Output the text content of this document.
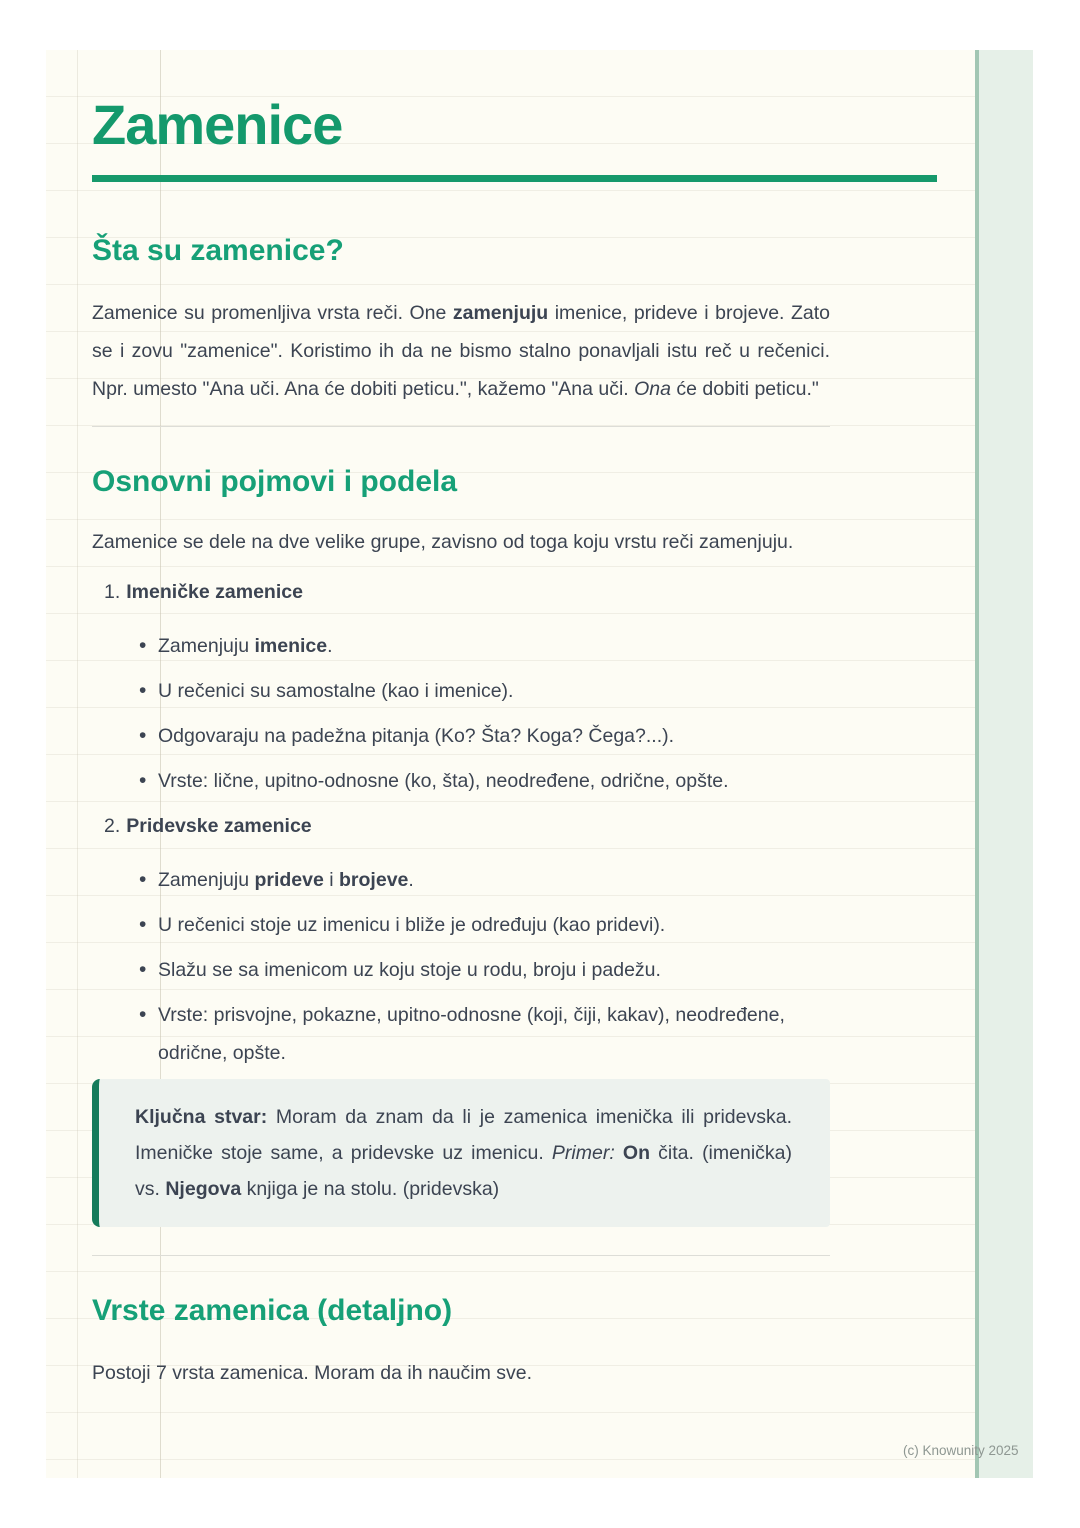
Zamenice
Šta su zamenice?

Zamenice su promenljiva vrsta reči. One zamenjuju imenice, prideve i brojeve. Zato se i zovu "zamenice". Koristimo ih da ne bismo stalno ponavljali istu reč u rečenici. Npr. umesto "Ana uči. Ana će dobiti peticu.", kažemo "Ana uči. Ona će dobiti peticu."

Osnovni pojmovi i podela

Zamenice se dele na dve velike grupe, zavisno od toga koju vrstu reči zamenjuju.

1. Imeničke zamenice
• Zamenjuju imenice.
• U rečenici su samostalne (kao i imenice).
• Odgovaraju na padežna pitanja (Ko? Šta? Koga? Čega?...).
• Vrste: lične, upitno-odnosne (ko, šta), neodređene, odrične, opšte.
2. Pridevske zamenice
• Zamenjuju prideve i brojeve.
• U rečenici stoje uz imenicu i bliže je određuju (kao pridevi).
• Slažu se sa imenicom uz koju stoje u rodu, broju i padežu.
• Vrste: prisvojne, pokazne, upitno-odnosne (koji, čiji, kakav), neodređene, odrične, opšte.

Ključna stvar: Moram da znam da li je zamenica imenička ili pridevska. Imeničke stoje same, a pridevske uz imenicu. Primer: On čita. (imenička) vs. Njegova knjiga je na stolu. (pridevska)

Vrste zamenica (detaljno)

Postoji 7 vrsta zamenica. Moram da ih naučim sve.

(c) Knowunity 2025
